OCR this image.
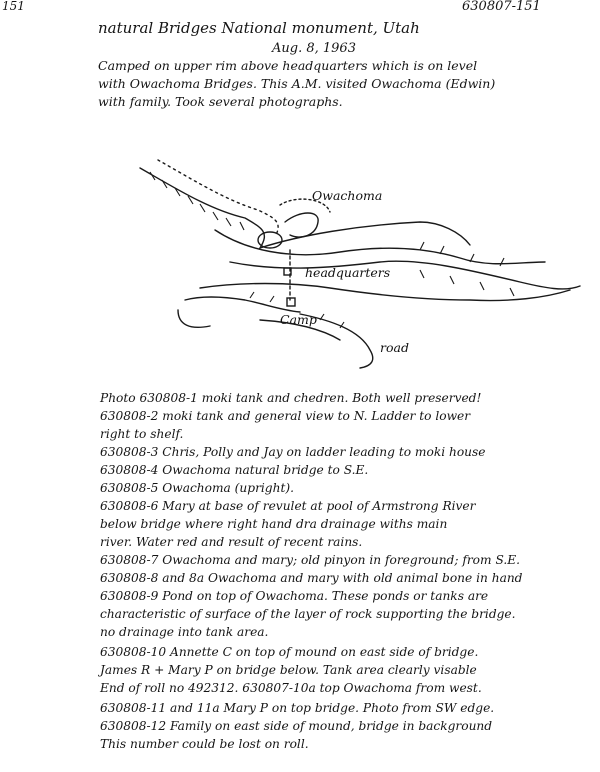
151	630807-151
natural Bridges National monument, Utah
Aug. 8, 1963
Camped on upper rim above headquarters which is on level
with Owachoma Bridges. This A.M. visited Owachoma (Edwin)
with family. Took several photographs.
Owachoma
headquarters
Camp
road
Photo 630808-1 moki tank and chedren. Both well preserved!
630808-2 moki tank and general view to N. Ladder to lower
right to shelf.
630808-3 Chris, Polly and Jay on ladder leading to moki house
630808-4 Owachoma natural bridge to S.E.
630808-5 Owachoma (upright).
630808-6 Mary at base of revulet at pool of Armstrong River
below bridge where right hand dra drainage withs main
river. Water red and result of recent rains.
630808-7 Owachoma and mary; old pinyon in foreground; from S.E.
630808-8 and 8a Owachoma and mary with old animal bone in hand
630808-9 Pond on top of Owachoma. These ponds or tanks are
characteristic of surface of the layer of rock supporting the bridge.
no drainage into tank area.
630808-10 Annette C on top of mound on east side of bridge.
James R + Mary P on bridge below. Tank area clearly visable
End of roll no 492312. 630807-10a top Owachoma from west.
630808-11 and 11a Mary P on top bridge. Photo from SW edge.
630808-12 Family on east side of mound, bridge in background
This number could be lost on roll.
